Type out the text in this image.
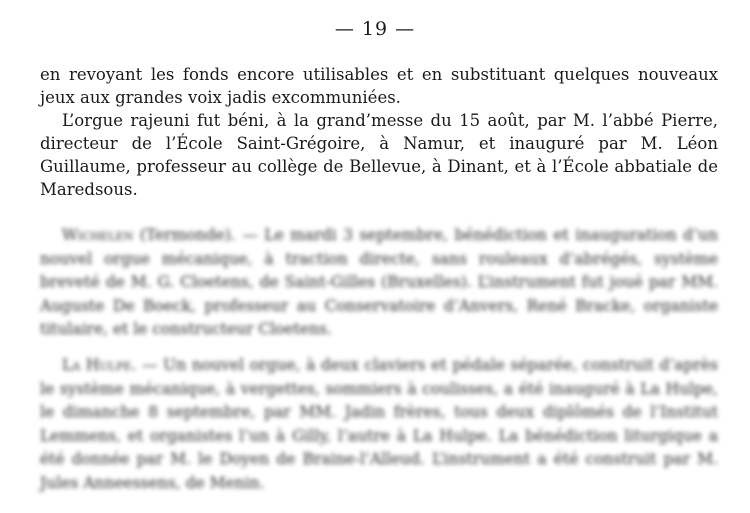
— 19 —

en revoyant les fonds encore utilisables et en substituant quelques nouveaux jeux aux grandes voix jadis excommuniées.

L’orgue rajeuni fut béni, à la grand’messe du 15 août, par M. l’abbé Pierre, directeur de l’École Saint-Grégoire, à Namur, et inauguré par M. Léon Guillaume, professeur au collège de Bellevue, à Dinant, et à l’École abbatiale de Maredsous.

Wichelen (Termonde). — Le mardi 3 septembre, bénédiction et inauguration d’un nouvel orgue mécanique, à traction directe, sans rouleaux d’abrégés, système breveté de M. G. Cloetens, de Saint-Gilles (Bruxelles). L’instrument fut joué par MM. Auguste De Boeck, professeur au Conservatoire d’Anvers, René Bracke, organiste titulaire, et le constructeur Cloetens.

La Hulpe. — Un nouvel orgue, à deux claviers et pédale séparée, construit d’après le système mécanique, à vergettes, sommiers à coulisses, a été inauguré à La Hulpe, le dimanche 8 septembre, par MM. Jadin frères, tous deux diplômés de l’Institut Lemmens, et organistes l’un à Gilly, l’autre à La Hulpe. La bénédiction liturgique a été donnée par M. le Doyen de Braine-l’Alleud. L’instrument a été construit par M. Jules Anneessens, de Menin.
